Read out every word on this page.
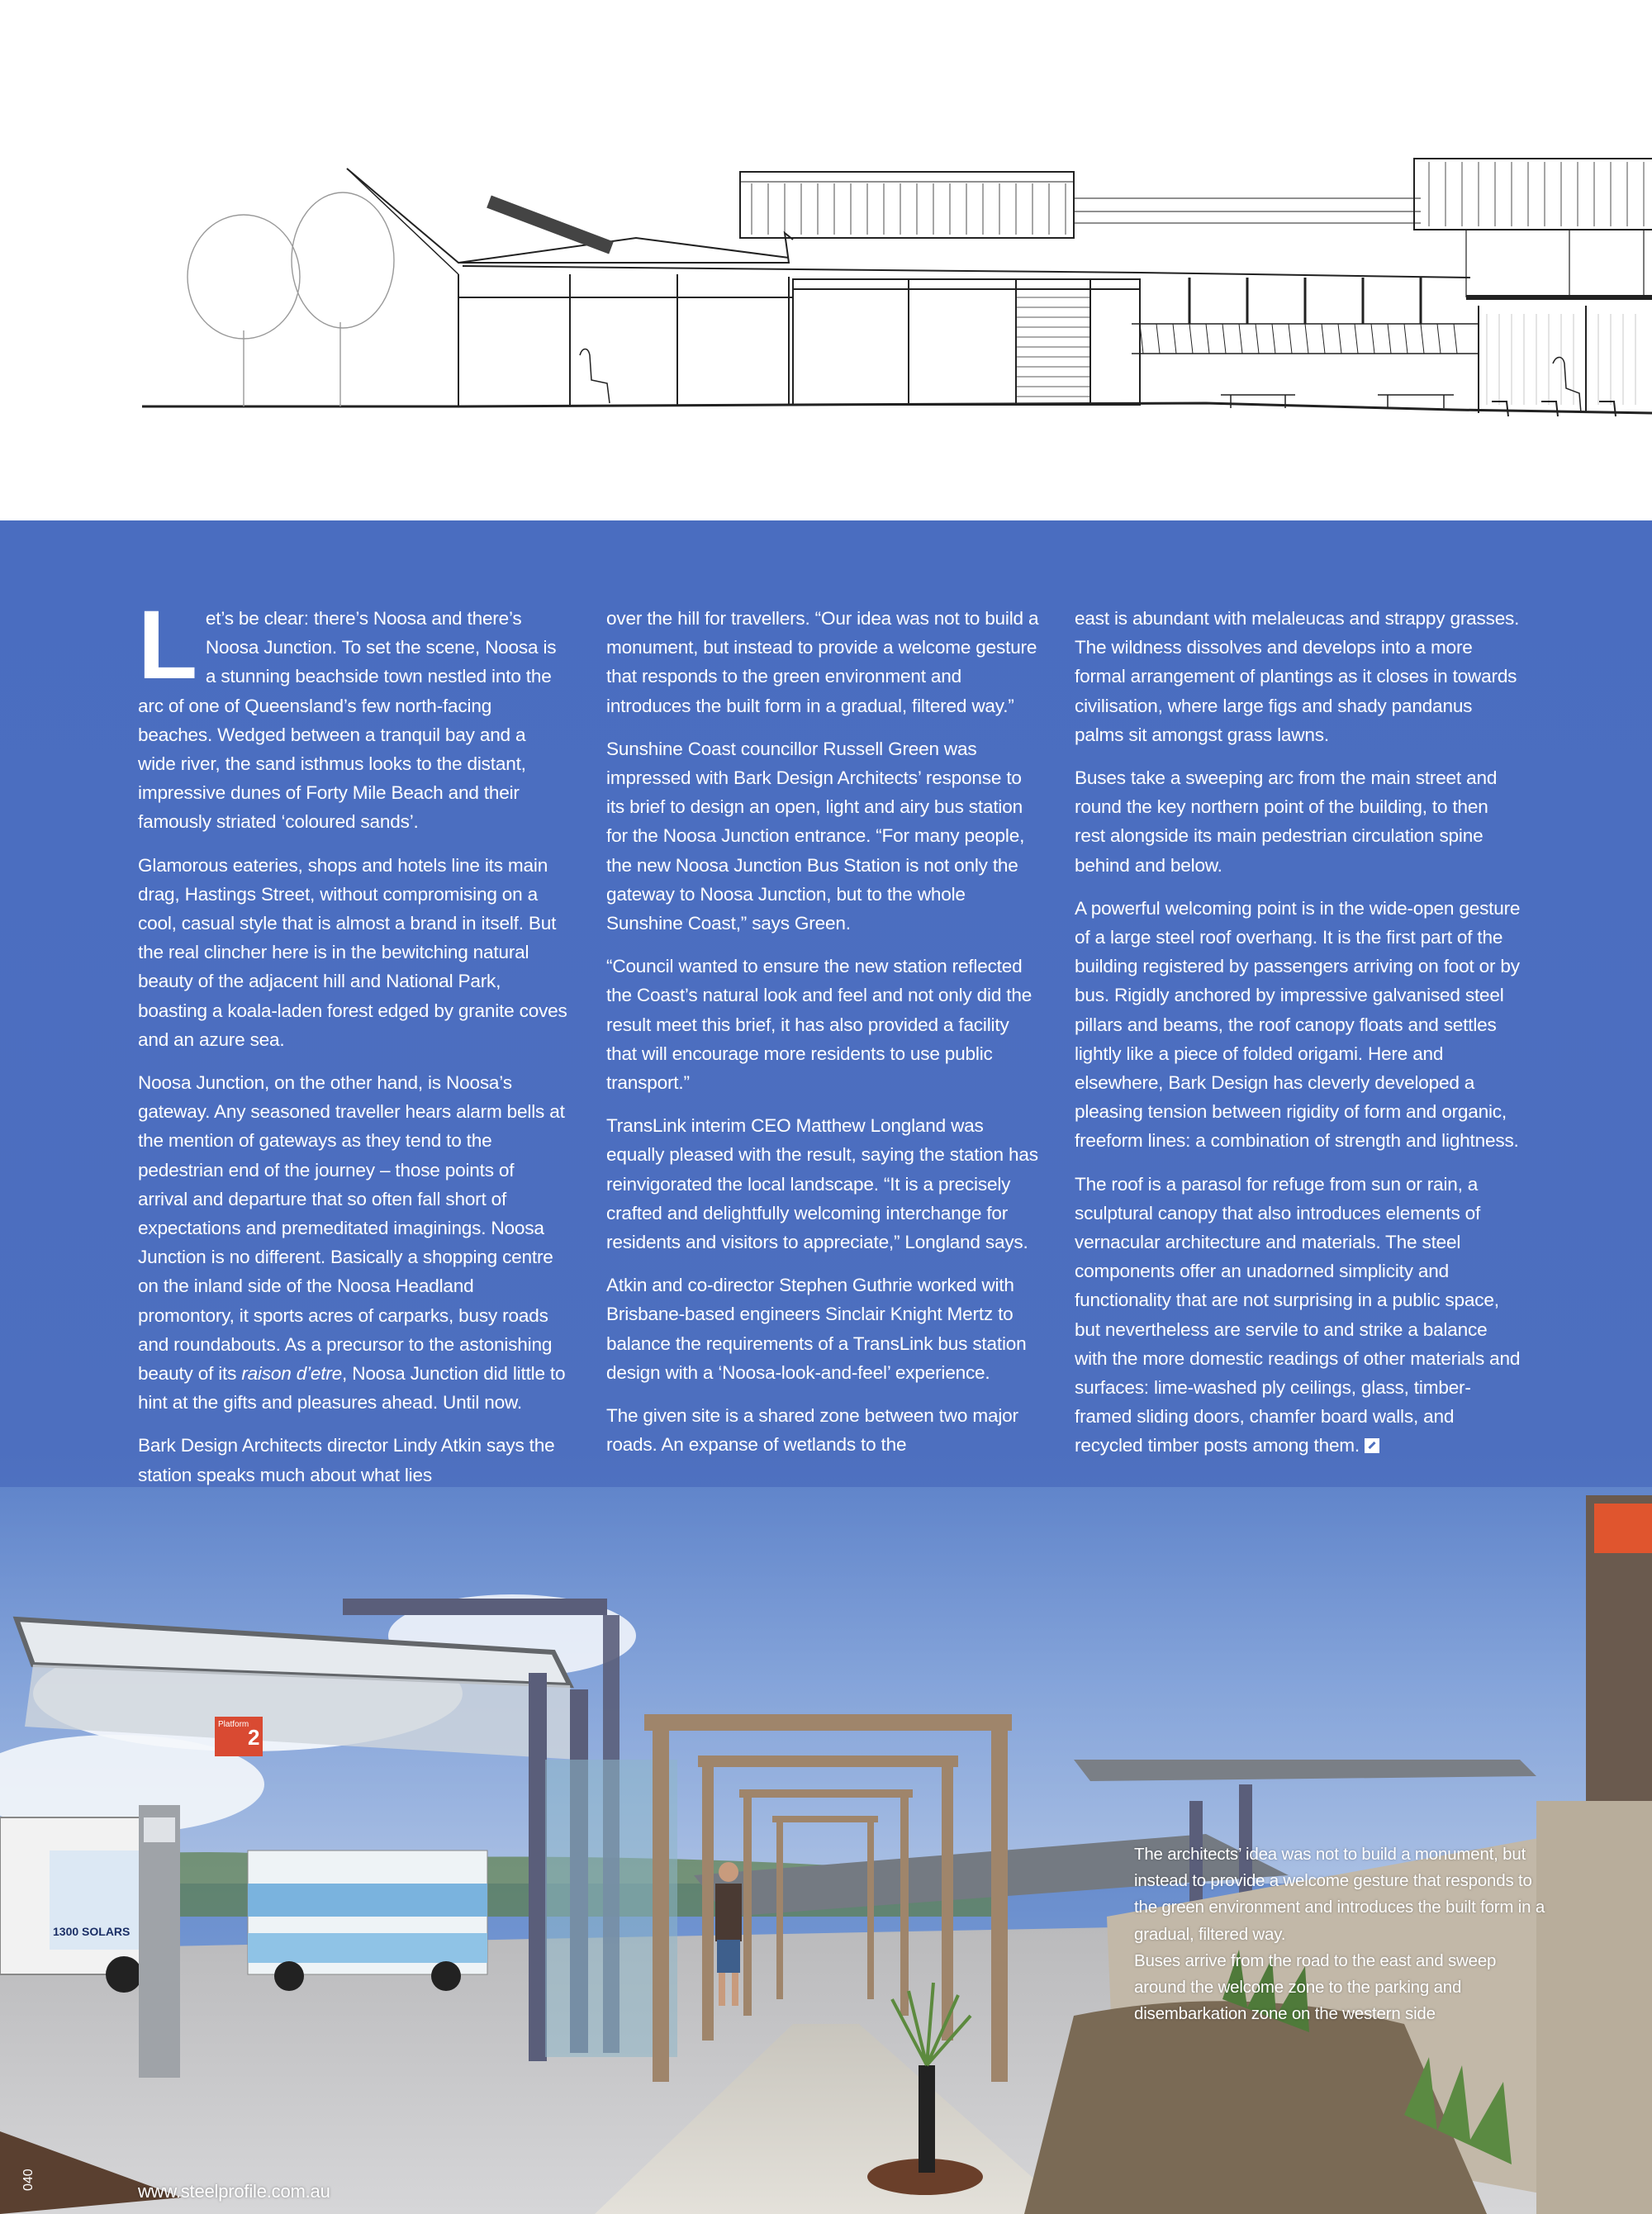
Platform
2
1300 SOLARS

Let’s be clear: there’s Noosa and there’s Noosa Junction. To set the scene, Noosa is a stunning beachside town nestled into the arc of one of Queensland’s few north-facing beaches. Wedged between a tranquil bay and a wide river, the sand isthmus looks to the distant, impressive dunes of Forty Mile Beach and their famously striated ‘coloured sands’.

Glamorous eateries, shops and hotels line its main drag, Hastings Street, without compromising on a cool, casual style that is almost a brand in itself. But the real clincher here is in the bewitching natural beauty of the adjacent hill and National Park, boasting a koala-laden forest edged by granite coves and an azure sea.

Noosa Junction, on the other hand, is Noosa’s gateway. Any seasoned traveller hears alarm bells at the mention of gateways as they tend to the pedestrian end of the journey – those points of arrival and departure that so often fall short of expectations and premeditated imaginings. Noosa Junction is no different. Basically a shopping centre on the inland side of the Noosa Headland promontory, it sports acres of carparks, busy roads and roundabouts. As a precursor to the astonishing beauty of its raison d’etre, Noosa Junction did little to hint at the gifts and pleasures ahead. Until now.

Bark Design Architects director Lindy Atkin says the station speaks much about what lies

over the hill for travellers. “Our idea was not to build a monument, but instead to provide a welcome gesture that responds to the green environment and introduces the built form in a gradual, filtered way.”

Sunshine Coast councillor Russell Green was impressed with Bark Design Architects’ response to its brief to design an open, light and airy bus station for the Noosa Junction entrance. “For many people, the new Noosa Junction Bus Station is not only the gateway to Noosa Junction, but to the whole Sunshine Coast,” says Green.

“Council wanted to ensure the new station reflected the Coast’s natural look and feel and not only did the result meet this brief, it has also provided a facility that will encourage more residents to use public transport.”

TransLink interim CEO Matthew Longland was equally pleased with the result, saying the station has reinvigorated the local landscape. “It is a precisely crafted and delightfully welcoming interchange for residents and visitors to appreciate,” Longland says.

Atkin and co-director Stephen Guthrie worked with Brisbane-based engineers Sinclair Knight Mertz to balance the requirements of a TransLink bus station design with a ‘Noosa-look-and-feel’ experience.

The given site is a shared zone between two major roads. An expanse of wetlands to the

east is abundant with melaleucas and strappy grasses. The wildness dissolves and develops into a more formal arrangement of plantings as it closes in towards civilisation, where large figs and shady pandanus palms sit amongst grass lawns.

Buses take a sweeping arc from the main street and round the key northern point of the building, to then rest alongside its main pedestrian circulation spine behind and below.

A powerful welcoming point is in the wide-open gesture of a large steel roof overhang. It is the first part of the building registered by passengers arriving on foot or by bus. Rigidly anchored by impressive galvanised steel pillars and beams, the roof canopy floats and settles lightly like a piece of folded origami. Here and elsewhere, Bark Design has cleverly developed a pleasing tension between rigidity of form and organic, freeform lines: a combination of strength and lightness.

The roof is a parasol for refuge from sun or rain, a sculptural canopy that also introduces elements of vernacular architecture and materials. The steel components offer an unadorned simplicity and functionality that are not surprising in a public space, but nevertheless are servile to and strike a balance with the more domestic readings of other materials and surfaces: lime-washed ply ceilings, glass, timber-framed sliding doors, chamfer board walls, and recycled timber posts among them.

The architects’ idea was not to build a monument, but instead to provide a welcome gesture that responds to the green environment and introduces the built form in a gradual, filtered way.

Buses arrive from the road to the east and sweep around the welcome zone to the parking and disembarkation zone on the western side

www.steelprofile.com.au
040
